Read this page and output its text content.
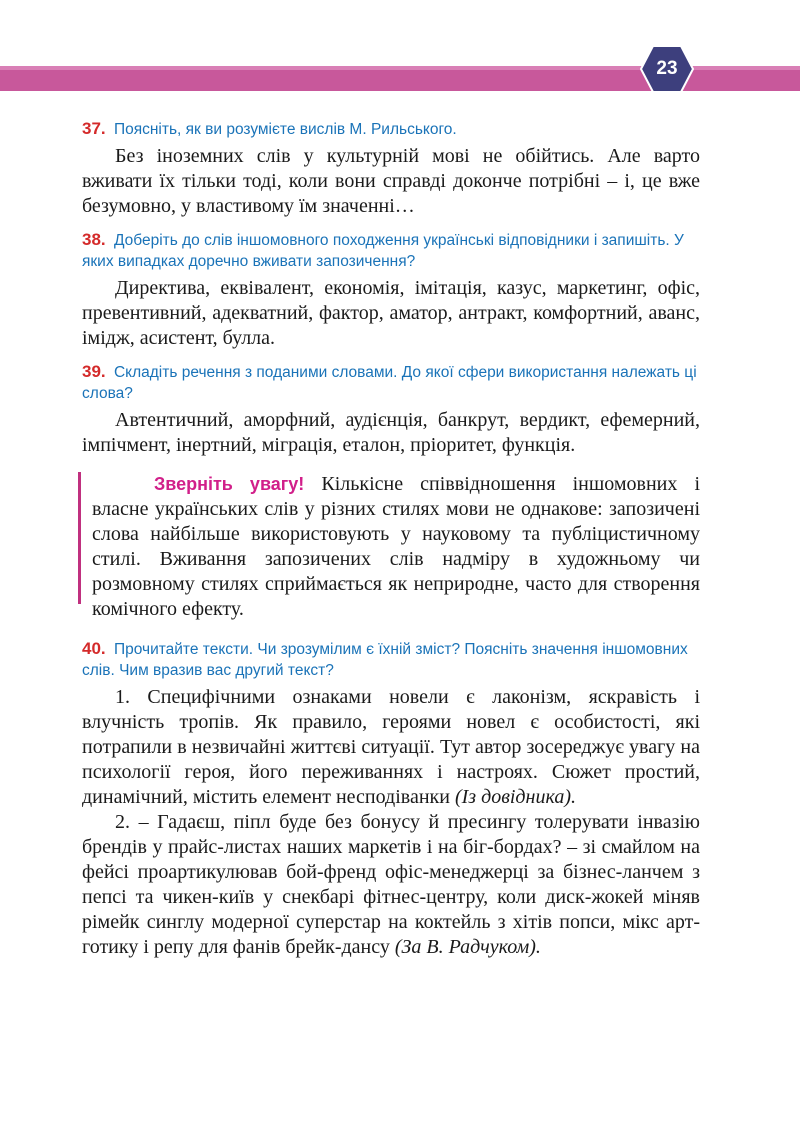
23

37. Поясніть, як ви розумієте вислів М. Рильського.

Без іноземних слів у культурній мові не обійтись. Але варто вживати їх тільки тоді, коли вони справді доконче потрібні – і, це вже безумовно, у властивому їм значенні…

38. Доберіть до слів іншомовного походження українські відповідники і запишіть. У яких випадках доречно вживати запозичення?

Директива, еквівалент, економія, імітація, казус, маркетинг, офіс, превентивний, адекватний, фактор, аматор, антракт, комфортний, аванс, імідж, асистент, булла.

39. Складіть речення з поданими словами. До якої сфери використання належать ці слова?

Автентичний, аморфний, аудієнція, банкрут, вердикт, ефемерний, імпічмент, інертний, міграція, еталон, пріоритет, функція.

Зверніть увагу! Кількісне співвідношення іншомовних і власне українських слів у різних стилях мови не однакове: запозичені слова найбільше використовують у науковому та публіцистичному стилі. Вживання запозичених слів надміру в художньому чи розмовному стилях сприймається як неприродне, часто для створення комічного ефекту.

40. Прочитайте тексти. Чи зрозумілим є їхній зміст? Поясніть значення іншомовних слів. Чим вразив вас другий текст?

1. Специфічними ознаками новели є лаконізм, яскравість і влучність тропів. Як правило, героями новел є особистості, які потрапили в незвичайні життєві ситуації. Тут автор зосереджує увагу на психології героя, його переживаннях і настроях. Сюжет простий, динамічний, містить елемент несподіванки (Із довідника).

2. – Гадаєш, піпл буде без бонусу й пресингу толерувати інвазію брендів у прайс-листах наших маркетів і на біг-бордах? – зі смайлом на фейсі проартикулював бой-френд офіс-менеджерці за бізнес-ланчем з пепсі та чикен-київ у снекбарі фітнес-центру, коли диск-жокей міняв рімейк синглу модерної суперстар на коктейль з хітів попси, мікс арт-готику і репу для фанів брейк-дансу (За В. Радчуком).
